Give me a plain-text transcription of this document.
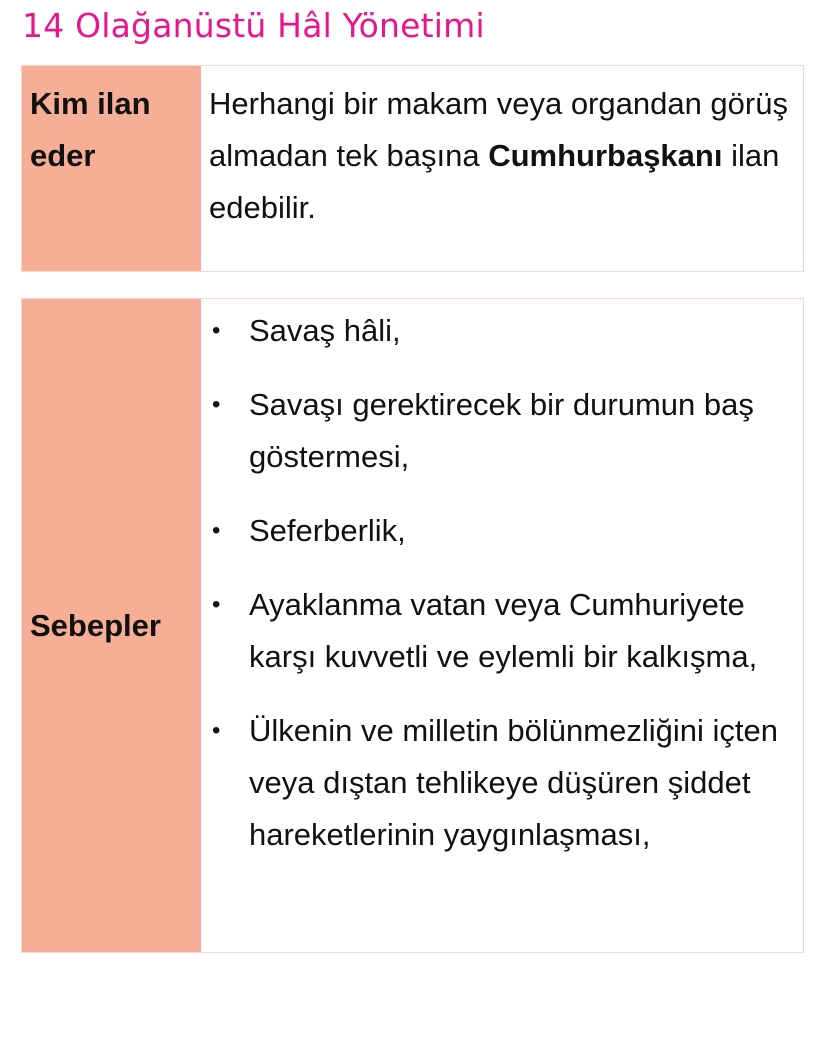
14 Olağanüstü Hâl Yönetimi
Kim ilan
eder
Herhangi bir makam veya organdan görüş almadan tek başına Cumhurbaşkanı ilan edebilir.
Sebepler
• Savaş hâli,
• Savaşı gerektirecek bir durumun baş göstermesi,
• Seferberlik,
• Ayaklanma vatan veya Cumhuriyete karşı kuvvetli ve eylemli bir kalkışma,
• Ülkenin ve milletin bölünmezliğini içten veya dıştan tehlikeye düşüren şiddet hareketlerinin yaygınlaşması,
